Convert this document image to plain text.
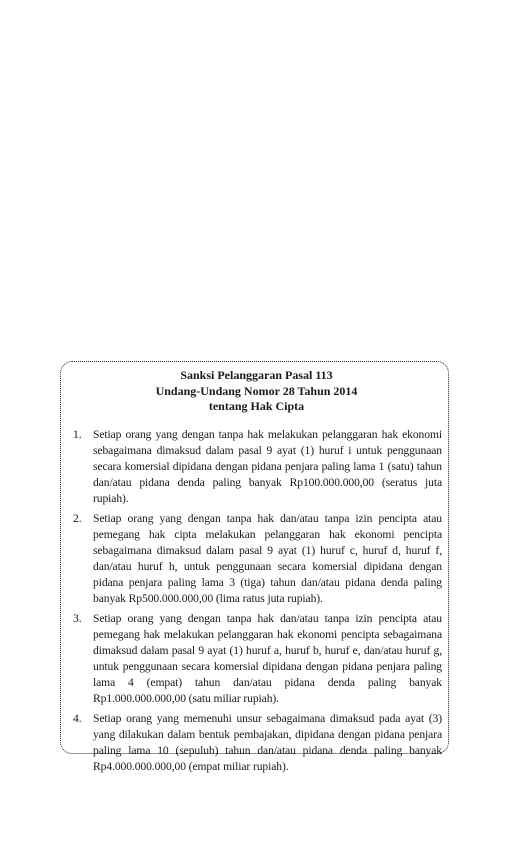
Sanksi Pelanggaran Pasal 113
Undang-Undang Nomor 28 Tahun 2014
tentang Hak Cipta
1. Setiap orang yang dengan tanpa hak melakukan pelanggaran hak ekonomi sebagaimana dimaksud dalam pasal 9 ayat (1) huruf i untuk penggunaan secara komersial dipidana dengan pidana penjara paling lama 1 (satu) tahun dan/atau pidana denda paling banyak Rp100.000.000,00 (seratus juta rupiah).
2. Setiap orang yang dengan tanpa hak dan/atau tanpa izin pencipta atau pemegang hak cipta melakukan pelanggaran hak ekonomi pencipta sebagaimana dimaksud dalam pasal 9 ayat (1) huruf c, huruf d, huruf f, dan/atau huruf h, untuk penggunaan secara komersial dipidana dengan pidana penjara paling lama 3 (tiga) tahun dan/atau pidana denda paling banyak Rp500.000.000,00 (lima ratus juta rupiah).
3. Setiap orang yang dengan tanpa hak dan/atau tanpa izin pencipta atau pemegang hak melakukan pelanggaran hak ekonomi pencipta sebagaimana dimaksud dalam pasal 9 ayat (1) huruf a, huruf b, huruf e, dan/atau huruf g, untuk penggunaan secara komersial dipidana dengan pidana penjara paling lama 4 (empat) tahun dan/atau pidana denda paling banyak Rp1.000.000.000,00 (satu miliar rupiah).
4. Setiap orang yang memenuhi unsur sebagaimana dimaksud pada ayat (3) yang dilakukan dalam bentuk pembajakan, dipidana dengan pidana penjara paling lama 10 (sepuluh) tahun dan/atau pidana denda paling banyak Rp4.000.000.000,00 (empat miliar rupiah).
